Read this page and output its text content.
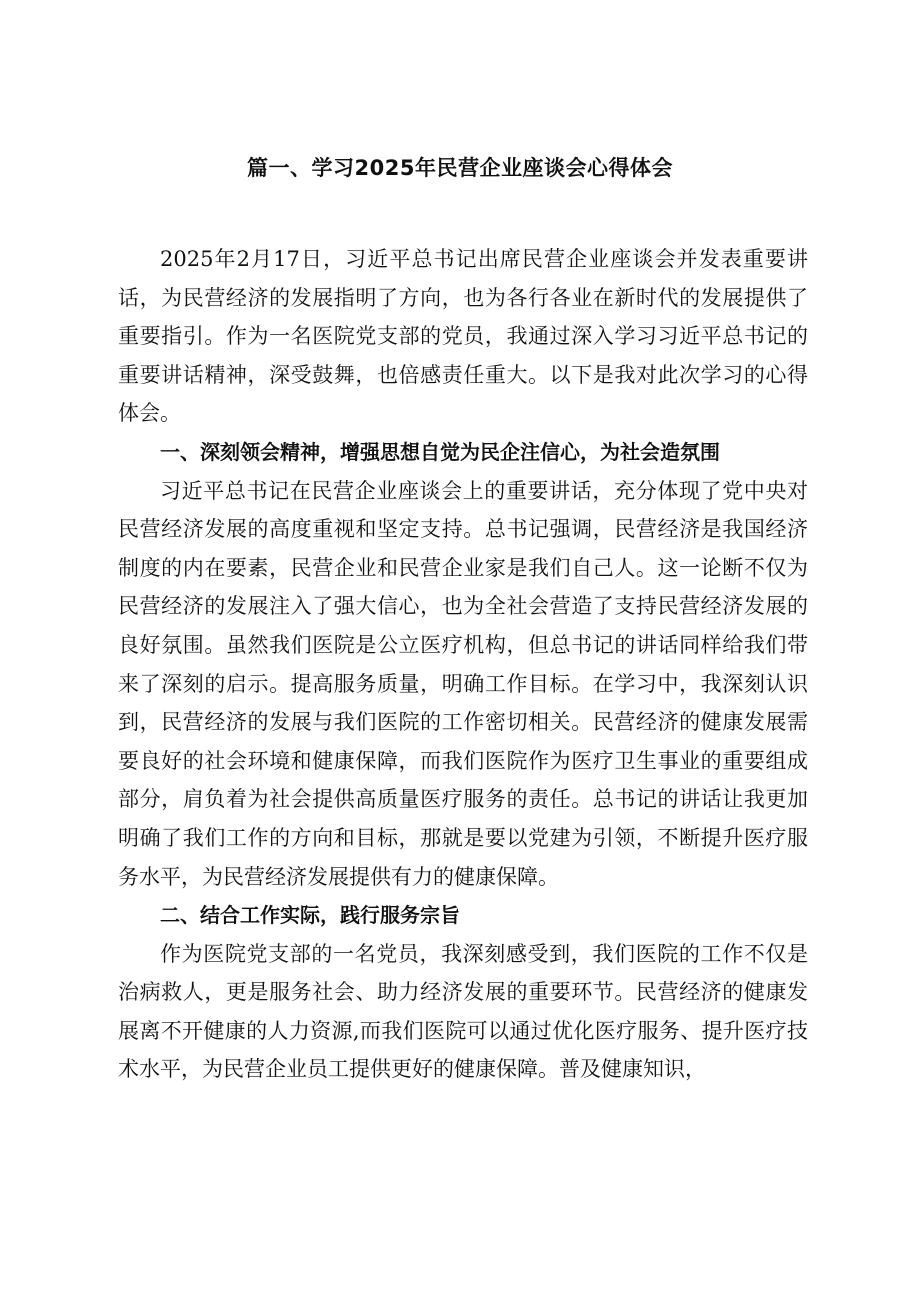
篇一、学习2025年民营企业座谈会心得体会

2025年2月17日，习近平总书记出席民营企业座谈会并发表重要讲话，为民营经济的发展指明了方向，也为各行各业在新时代的发展提供了重要指引。作为一名医院党支部的党员，我通过深入学习习近平总书记的重要讲话精神，深受鼓舞，也倍感责任重大。以下是我对此次学习的心得体会。

一、深刻领会精神，增强思想自觉为民企注信心，为社会造氛围

习近平总书记在民营企业座谈会上的重要讲话，充分体现了党中央对民营经济发展的高度重视和坚定支持。总书记强调，民营经济是我国经济制度的内在要素，民营企业和民营企业家是我们自己人。这一论断不仅为民营经济的发展注入了强大信心，也为全社会营造了支持民营经济发展的良好氛围。虽然我们医院是公立医疗机构，但总书记的讲话同样给我们带来了深刻的启示。提高服务质量，明确工作目标。在学习中，我深刻认识到，民营经济的发展与我们医院的工作密切相关。民营经济的健康发展需要良好的社会环境和健康保障，而我们医院作为医疗卫生事业的重要组成部分，肩负着为社会提供高质量医疗服务的责任。总书记的讲话让我更加明确了我们工作的方向和目标，那就是要以党建为引领，不断提升医疗服务水平，为民营经济发展提供有力的健康保障。

二、结合工作实际，践行服务宗旨

作为医院党支部的一名党员，我深刻感受到，我们医院的工作不仅是治病救人，更是服务社会、助力经济发展的重要环节。民营经济的健康发展离不开健康的人力资源,而我们医院可以通过优化医疗服务、提升医疗技术水平，为民营企业员工提供更好的健康保障。普及健康知识，
